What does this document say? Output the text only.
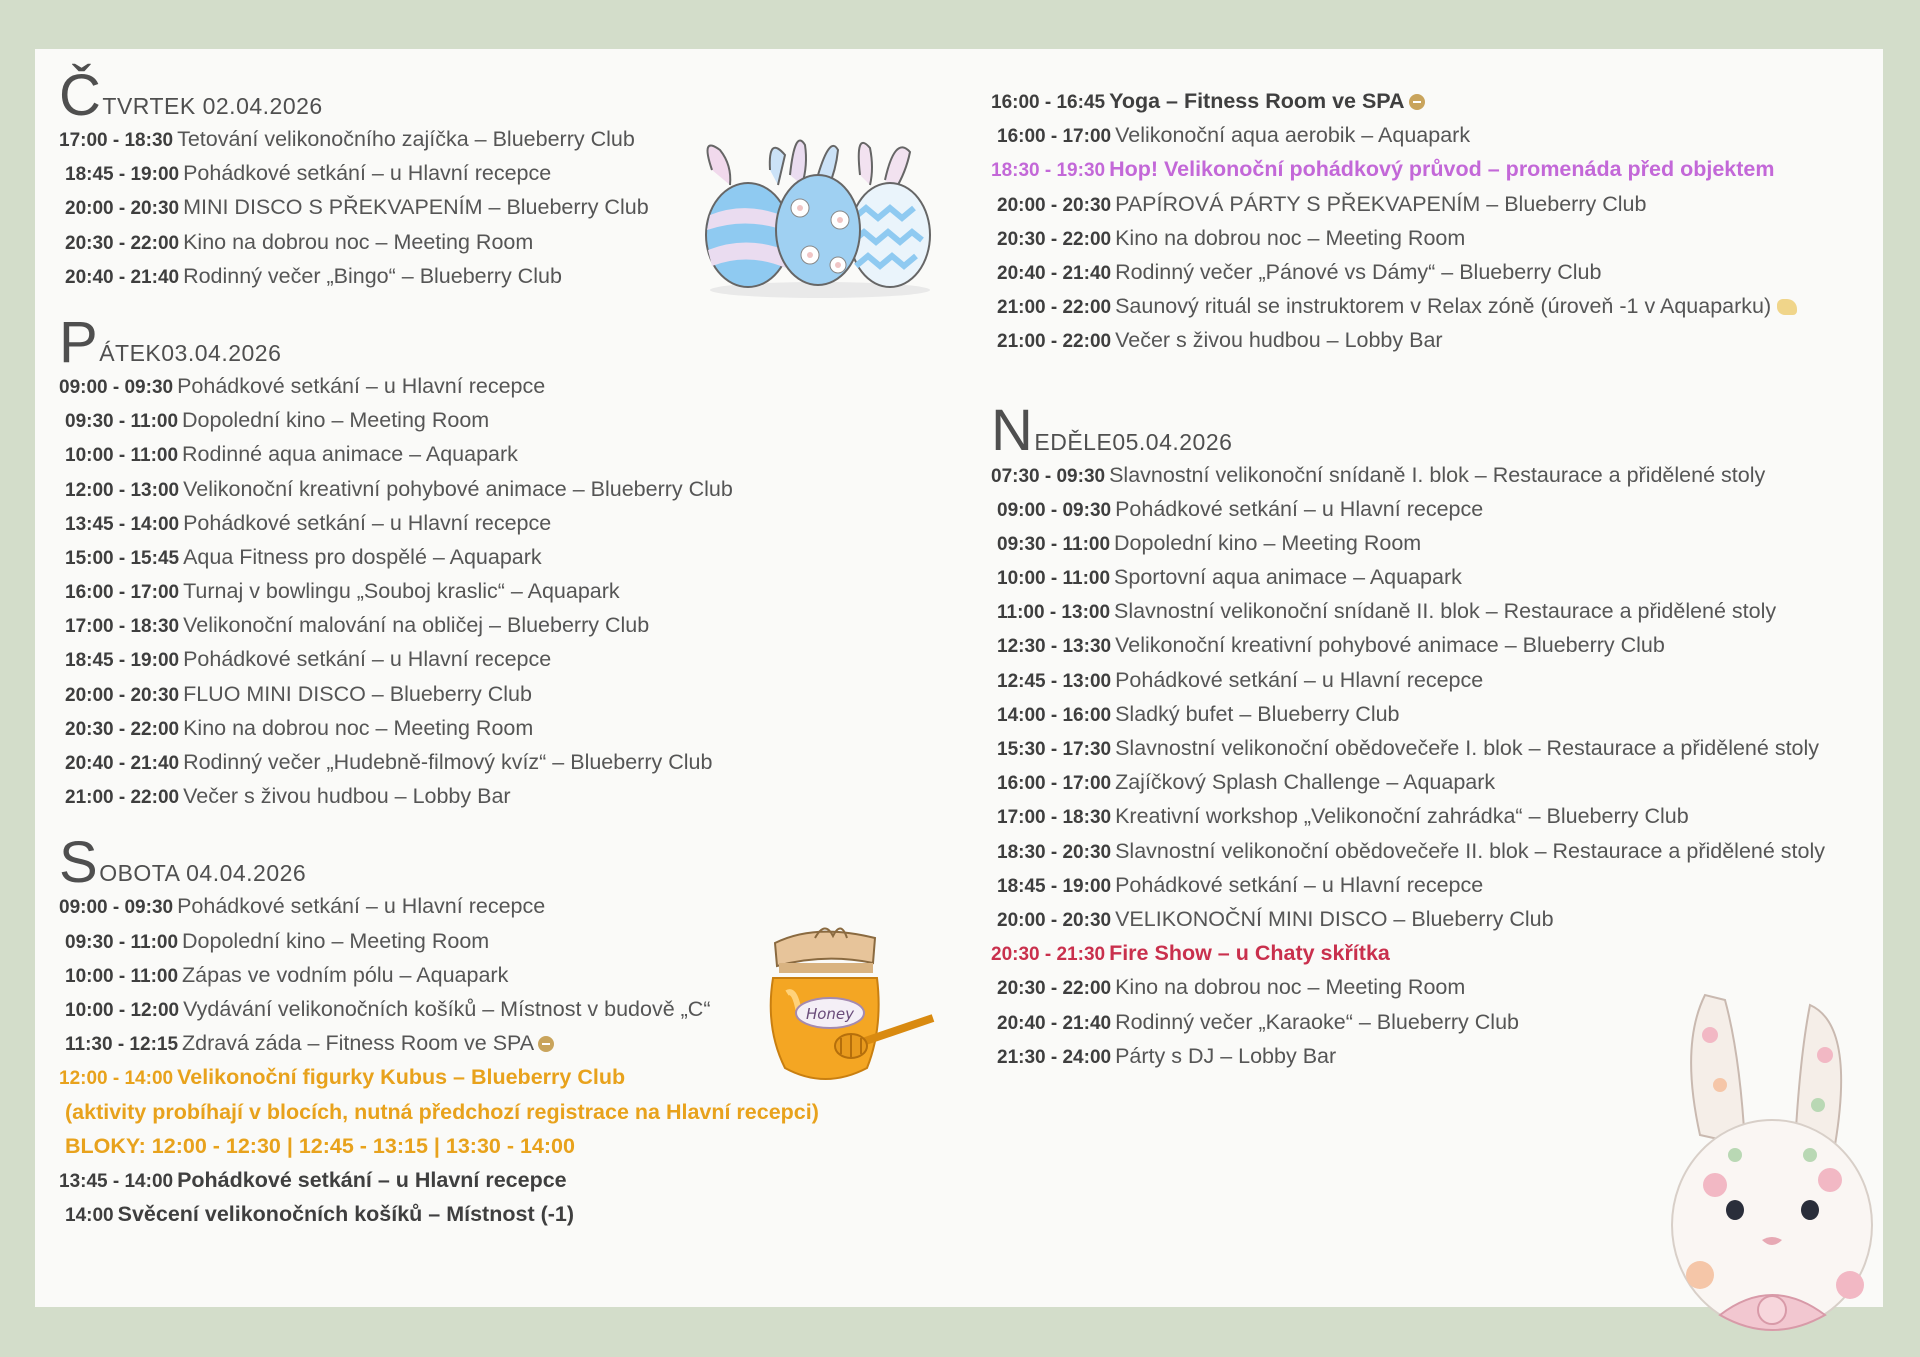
Č TVRTEK 02.04.2026
17:00 - 18:30 Tetování velikonočního zajíčka – Blueberry Club
18:45 - 19:00 Pohádkové setkání – u Hlavní recepce
20:00 - 20:30 MINI DISCO S PŘEKVAPENÍM – Blueberry Club
20:30 - 22:00 Kino na dobrou noc – Meeting Room
20:40 - 21:40 Rodinný večer „Bingo“ – Blueberry Club
P ÁTEK03.04.2026
09:00 - 09:30 Pohádkové setkání – u Hlavní recepce
09:30 - 11:00 Dopolední kino – Meeting Room
10:00 - 11:00 Rodinné aqua animace – Aquapark
12:00 - 13:00 Velikonoční kreativní pohybové animace – Blueberry Club
13:45 - 14:00 Pohádkové setkání – u Hlavní recepce
15:00 - 15:45 Aqua Fitness pro dospělé – Aquapark
16:00 - 17:00 Turnaj v bowlingu „Souboj kraslic“ – Aquapark
17:00 - 18:30 Velikonoční malování na obličej – Blueberry Club
18:45 - 19:00 Pohádkové setkání – u Hlavní recepce
20:00 - 20:30 FLUO MINI DISCO – Blueberry Club
20:30 - 22:00 Kino na dobrou noc – Meeting Room
20:40 - 21:40 Rodinný večer „Hudebně-filmový kvíz“ – Blueberry Club
21:00 - 22:00 Večer s živou hudbou – Lobby Bar
S OBOTA 04.04.2026
09:00 - 09:30 Pohádkové setkání – u Hlavní recepce
09:30 - 11:00 Dopolední kino – Meeting Room
10:00 - 11:00 Zápas ve vodním pólu – Aquapark
10:00 - 12:00 Vydávání velikonočních košíků – Místnost v budově „C“
11:30 - 12:15 Zdravá záda – Fitness Room ve SPA
12:00 - 14:00 Velikonoční figurky Kubus – Blueberry Club
(aktivity probíhají v blocích, nutná předchozí registrace na Hlavní recepci)
BLOKY: 12:00 - 12:30 | 12:45 - 13:15 | 13:30 - 14:00
13:45 - 14:00 Pohádkové setkání – u Hlavní recepce
14:00 Svěcení velikonočních košíků – Místnost (-1)
16:00 - 16:45 Yoga – Fitness Room ve SPA
16:00 - 17:00 Velikonoční aqua aerobik – Aquapark
18:30 - 19:30 Hop! Velikonoční pohádkový průvod – promenáda před objektem
20:00 - 20:30 PAPÍROVÁ PÁRTY S PŘEKVAPENÍM – Blueberry Club
20:30 - 22:00 Kino na dobrou noc – Meeting Room
20:40 - 21:40 Rodinný večer „Pánové vs Dámy“ – Blueberry Club
21:00 - 22:00 Saunový rituál se instruktorem v Relax zóně (úroveň -1 v Aquaparku)
21:00 - 22:00 Večer s živou hudbou – Lobby Bar
N EDĚLE05.04.2026
07:30 - 09:30 Slavnostní velikonoční snídaně I. blok – Restaurace a přidělené stoly
09:00 - 09:30 Pohádkové setkání – u Hlavní recepce
09:30 - 11:00 Dopolední kino – Meeting Room
10:00 - 11:00 Sportovní aqua animace – Aquapark
11:00 - 13:00 Slavnostní velikonoční snídaně II. blok – Restaurace a přidělené stoly
12:30 - 13:30 Velikonoční kreativní pohybové animace – Blueberry Club
12:45 - 13:00 Pohádkové setkání – u Hlavní recepce
14:00 - 16:00 Sladký bufet – Blueberry Club
15:30 - 17:30 Slavnostní velikonoční obědovečeře I. blok – Restaurace a přidělené stoly
16:00 - 17:00 Zajíčkový Splash Challenge – Aquapark
17:00 - 18:30 Kreativní workshop „Velikonoční zahrádka“ – Blueberry Club
18:30 - 20:30 Slavnostní velikonoční obědovečeře II. blok – Restaurace a přidělené stoly
18:45 - 19:00 Pohádkové setkání – u Hlavní recepce
20:00 - 20:30 VELIKONOČNÍ MINI DISCO – Blueberry Club
20:30 - 21:30 Fire Show – u Chaty skřítka
20:30 - 22:00 Kino na dobrou noc – Meeting Room
20:40 - 21:40 Rodinný večer „Karaoke“ – Blueberry Club
21:30 - 24:00 Párty s DJ – Lobby Bar
Honey
